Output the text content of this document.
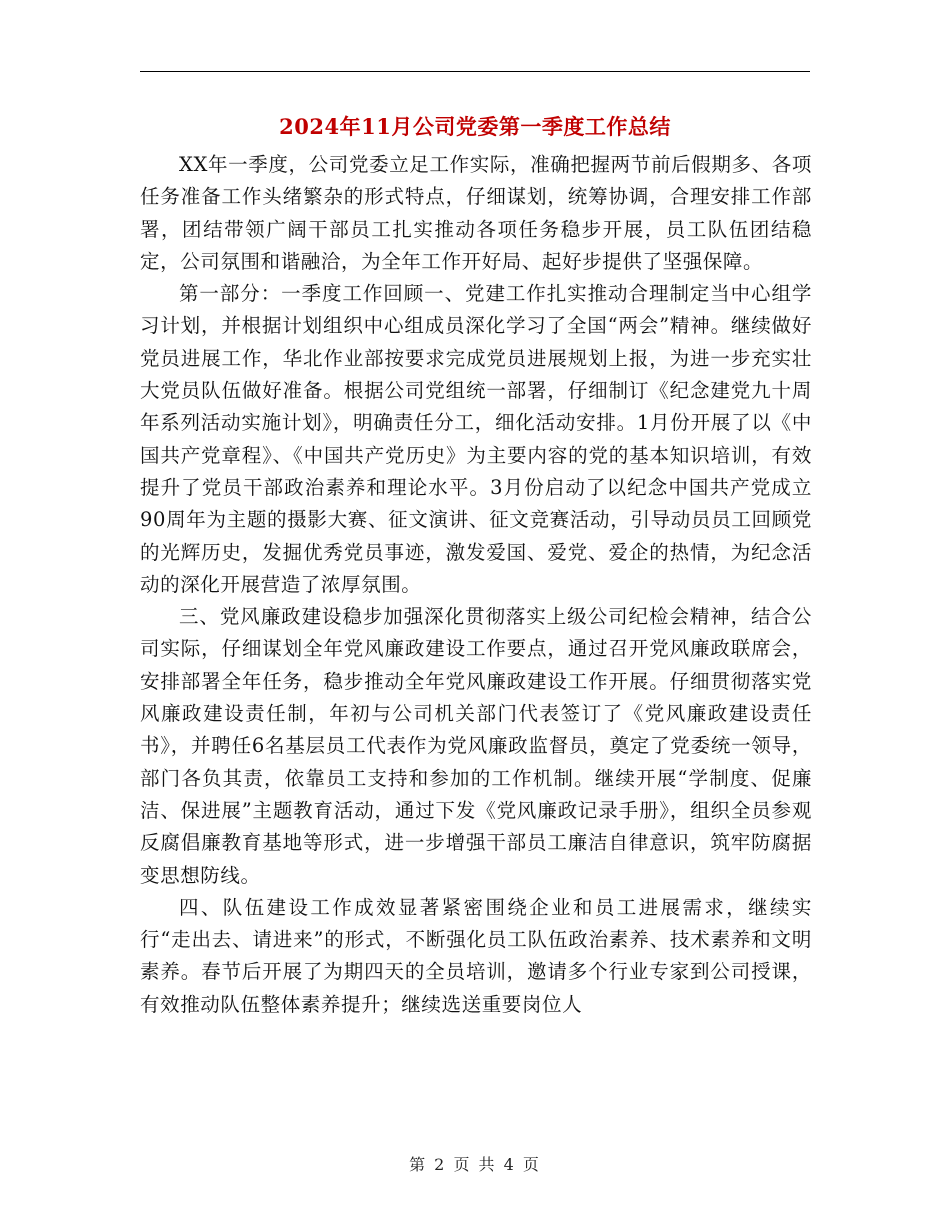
2024年11月公司党委第一季度工作总结

XX年一季度，公司党委立足工作实际，准确把握两节前后假期多、各项任务准备工作头绪繁杂的形式特点，仔细谋划，统筹协调，合理安排工作部署，团结带领广阔干部员工扎实推动各项任务稳步开展，员工队伍团结稳定，公司氛围和谐融洽，为全年工作开好局、起好步提供了坚强保障。

第一部分：一季度工作回顾一、党建工作扎实推动合理制定当中心组学习计划，并根据计划组织中心组成员深化学习了全国“两会”精神。继续做好党员进展工作，华北作业部按要求完成党员进展规划上报，为进一步充实壮大党员队伍做好准备。根据公司党组统一部署，仔细制订《纪念建党九十周年系列活动实施计划》，明确责任分工，细化活动安排。1月份开展了以《中国共产党章程》、《中国共产党历史》为主要内容的党的基本知识培训，有效提升了党员干部政治素养和理论水平。3月份启动了以纪念中国共产党成立90周年为主题的摄影大赛、征文演讲、征文竞赛活动，引导动员员工回顾党的光辉历史，发掘优秀党员事迹，激发爱国、爱党、爱企的热情，为纪念活动的深化开展营造了浓厚氛围。

三、党风廉政建设稳步加强深化贯彻落实上级公司纪检会精神，结合公司实际，仔细谋划全年党风廉政建设工作要点，通过召开党风廉政联席会，安排部署全年任务，稳步推动全年党风廉政建设工作开展。仔细贯彻落实党风廉政建设责任制，年初与公司机关部门代表签订了《党风廉政建设责任书》，并聘任6名基层员工代表作为党风廉政监督员，奠定了党委统一领导，部门各负其责，依靠员工支持和参加的工作机制。继续开展“学制度、促廉洁、保进展”主题教育活动，通过下发《党风廉政记录手册》，组织全员参观反腐倡廉教育基地等形式，进一步增强干部员工廉洁自律意识，筑牢防腐据变思想防线。

四、队伍建设工作成效显著紧密围绕企业和员工进展需求，继续实行“走出去、请进来”的形式，不断强化员工队伍政治素养、技术素养和文明素养。春节后开展了为期四天的全员培训，邀请多个行业专家到公司授课，有效推动队伍整体素养提升；继续选送重要岗位人

第 2 页 共 4 页
